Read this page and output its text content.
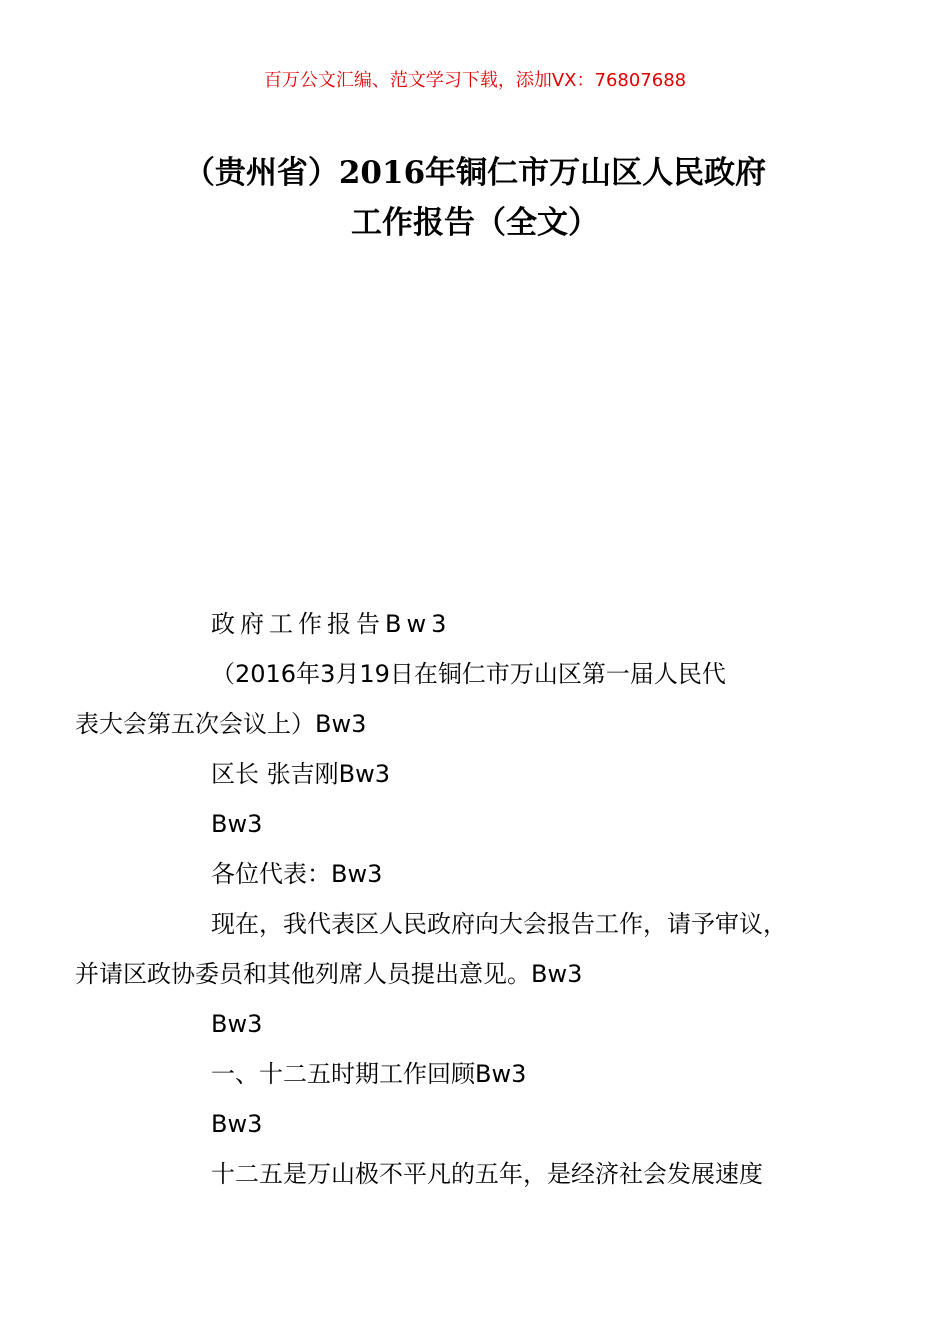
百万公文汇编、范文学习下载，添加VX：76807688
（贵州省）2016年铜仁市万山区人民政府
工作报告（全文）

政府工作报告Bw3

（2016年3月19日在铜仁市万山区第一届人民代
表大会第五次会议上）Bw3

区长 张吉刚Bw3

Bw3

各位代表：Bw3

现在，我代表区人民政府向大会报告工作，请予审议，
并请区政协委员和其他列席人员提出意见。Bw3

Bw3

一、十二五时期工作回顾Bw3

Bw3

十二五是万山极不平凡的五年，是经济社会发展速度
